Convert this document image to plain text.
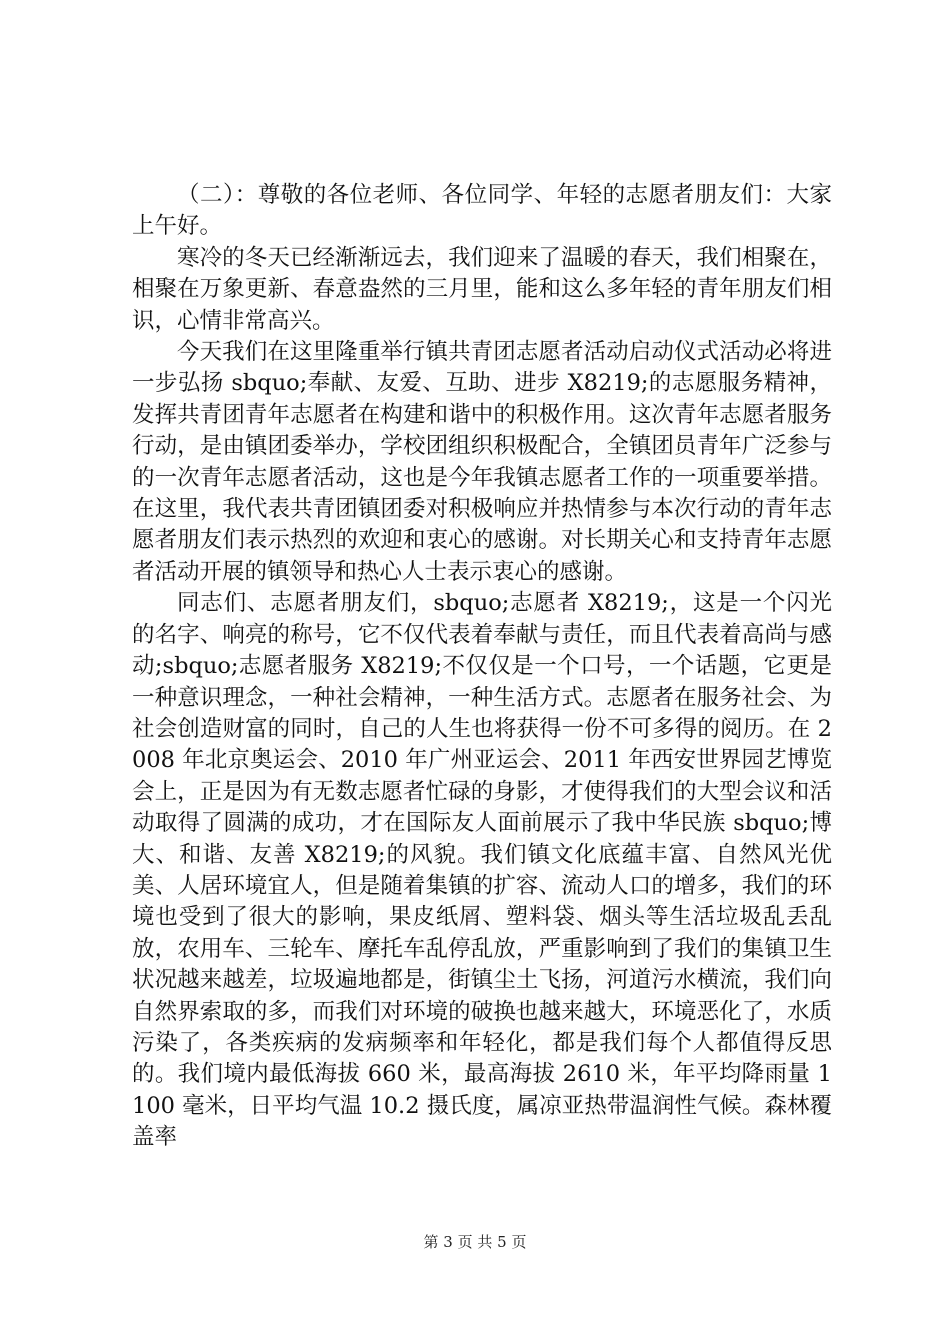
（二）：尊敬的各位老师、各位同学、年轻的志愿者朋友们：大家上午好。

寒冷的冬天已经渐渐远去，我们迎来了温暖的春天，我们相聚在，相聚在万象更新、春意盎然的三月里，能和这么多年轻的青年朋友们相识，心情非常高兴。

今天我们在这里隆重举行镇共青团志愿者活动启动仪式活动必将进一步弘扬 sbquo;奉献、友爱、互助、进步 X8219;的志愿服务精神，发挥共青团青年志愿者在构建和谐中的积极作用。这次青年志愿者服务行动，是由镇团委举办，学校团组织积极配合，全镇团员青年广泛参与的一次青年志愿者活动，这也是今年我镇志愿者工作的一项重要举措。在这里，我代表共青团镇团委对积极响应并热情参与本次行动的青年志愿者朋友们表示热烈的欢迎和衷心的感谢。对长期关心和支持青年志愿者活动开展的镇领导和热心人士表示衷心的感谢。

同志们、志愿者朋友们，sbquo;志愿者 X8219;，这是一个闪光的名字、响亮的称号，它不仅代表着奉献与责任，而且代表着高尚与感动;sbquo;志愿者服务 X8219;不仅仅是一个口号，一个话题，它更是一种意识理念，一种社会精神，一种生活方式。志愿者在服务社会、为社会创造财富的同时，自己的人生也将获得一份不可多得的阅历。在 2008 年北京奥运会、2010 年广州亚运会、2011 年西安世界园艺博览会上，正是因为有无数志愿者忙碌的身影，才使得我们的大型会议和活动取得了圆满的成功，才在国际友人面前展示了我中华民族 sbquo;博大、和谐、友善 X8219;的风貌。我们镇文化底蕴丰富、自然风光优美、人居环境宜人，但是随着集镇的扩容、流动人口的增多，我们的环境也受到了很大的影响，果皮纸屑、塑料袋、烟头等生活垃圾乱丢乱放，农用车、三轮车、摩托车乱停乱放，严重影响到了我们的集镇卫生状况越来越差，垃圾遍地都是，街镇尘土飞扬，河道污水横流，我们向自然界索取的多，而我们对环境的破换也越来越大，环境恶化了，水质污染了，各类疾病的发病频率和年轻化，都是我们每个人都值得反思的。我们境内最低海拔 660 米，最高海拔 2610 米，年平均降雨量 1100 毫米，日平均气温 10.2 摄氏度，属凉亚热带温润性气候。森林覆盖率

第 3 页 共 5 页
